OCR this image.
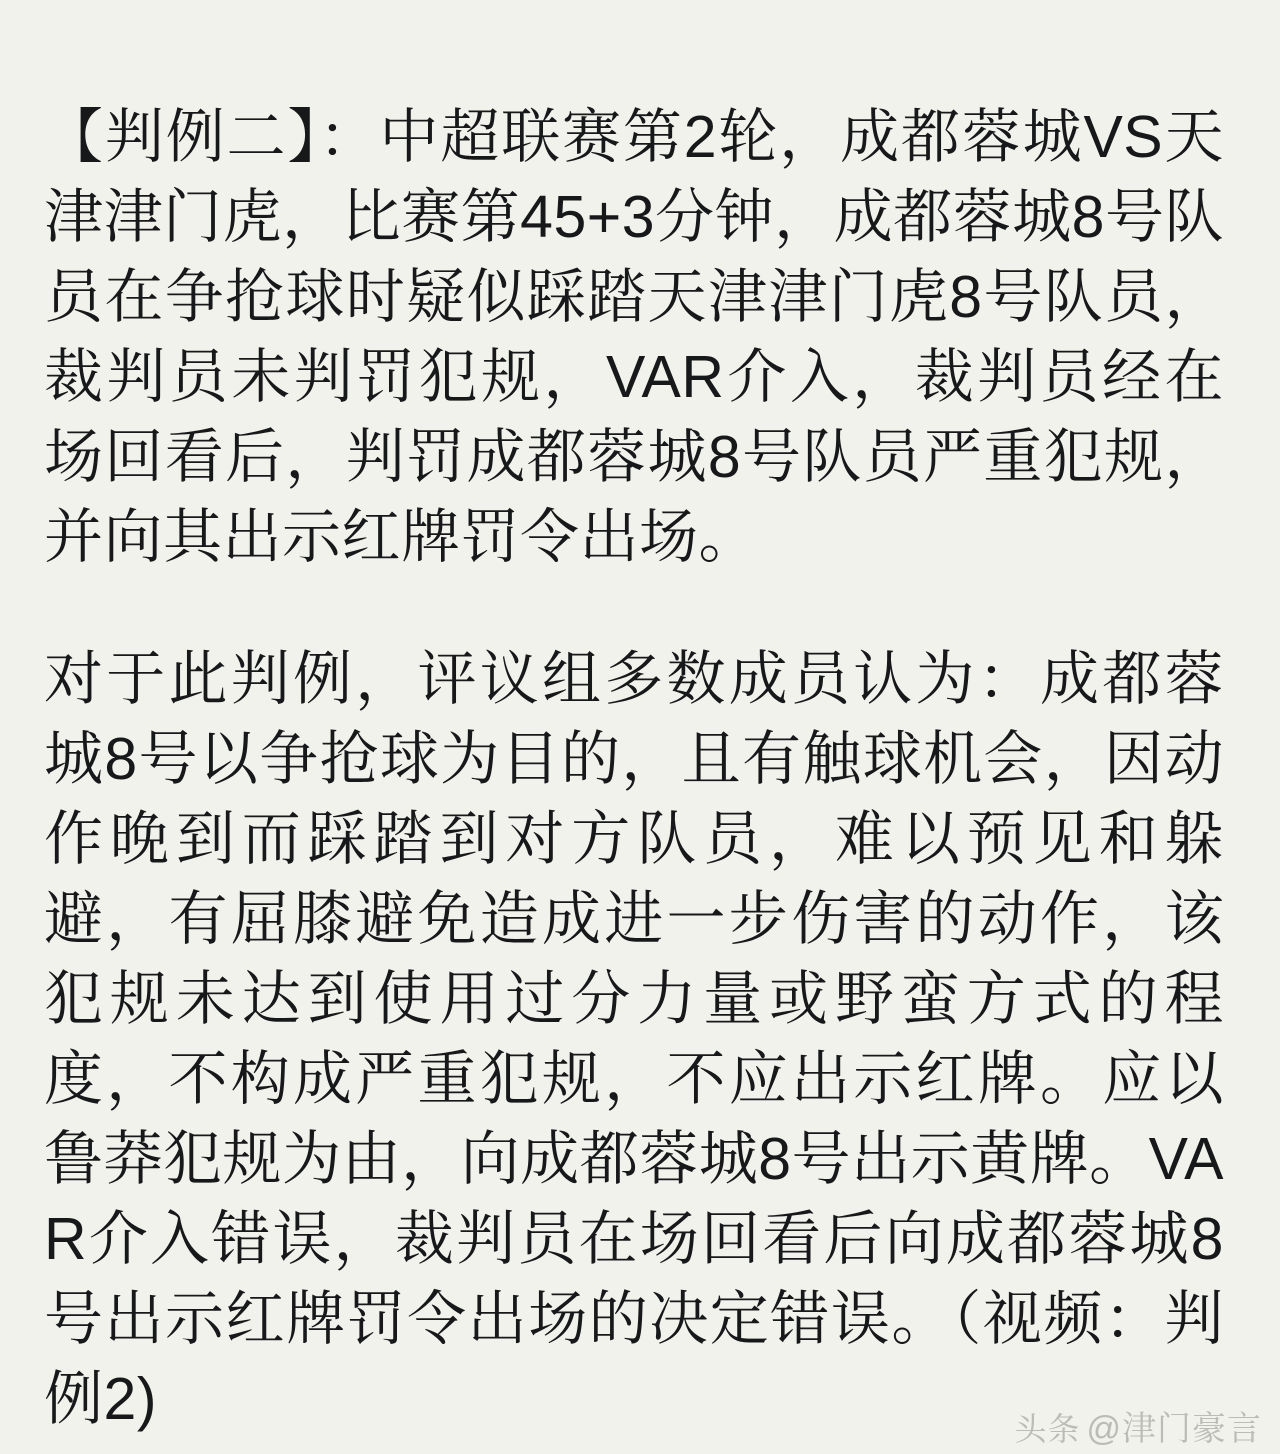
【判例二】：中超联赛第2轮，成都蓉城VS天津津门虎，比赛第45+3分钟，成都蓉城8号队员在争抢球时疑似踩踏天津津门虎8号队员，裁判员未判罚犯规，VAR介入，裁判员经在场回看后，判罚成都蓉城8号队员严重犯规，并向其出示红牌罚令出场。

对于此判例，评议组多数成员认为：成都蓉城8号以争抢球为目的，且有触球机会，因动作晚到而踩踏到对方队员，难以预见和躲避，有屈膝避免造成进一步伤害的动作，该犯规未达到使用过分力量或野蛮方式的程度，不构成严重犯规，不应出示红牌。应以鲁莽犯规为由，向成都蓉城8号出示黄牌。VAR介入错误，裁判员在场回看后向成都蓉城8号出示红牌罚令出场的决定错误。（视频：判例2)	头条 @津门豪言
